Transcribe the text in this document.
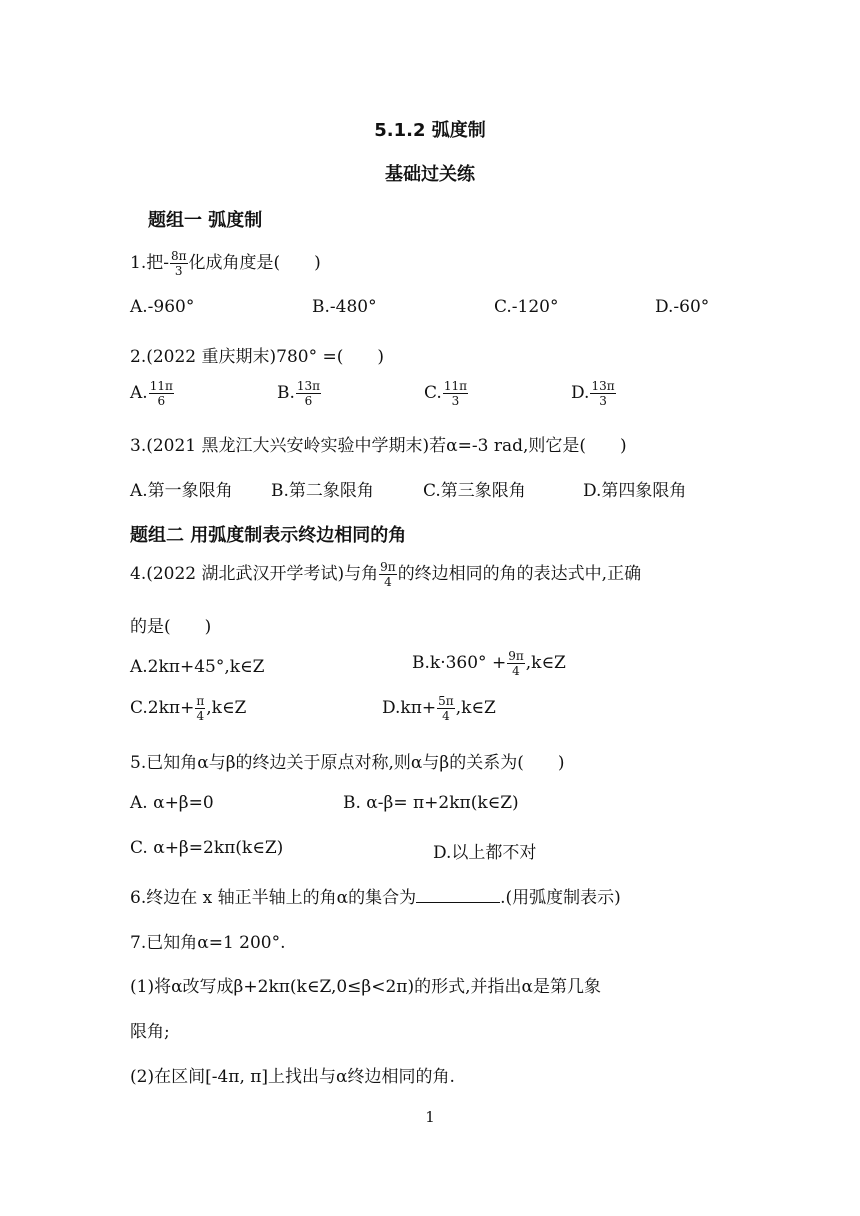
5.1.2 弧度制
基础过关练
题组一 弧度制
1.把- $\frac{8\pi}{3}$ 化成角度是(　　)
A.-960°	B.-480°	C.-120°	D.-60°
2.(2022 重庆期末)780° =(　　)
A. $\frac{11\pi}{6}$	B. $\frac{13\pi}{6}$	C. $\frac{11\pi}{3}$	D. $\frac{13\pi}{3}$
3.(2021 黑龙江大兴安岭实验中学期末)若α=-3 rad,则它是(　　)
A.第一象限角 B.第二象限角	C.第三象限角	D.第四象限角
题组二 用弧度制表示终边相同的角
4.(2022 湖北武汉开学考试)与角 $\frac{9\pi}{4}$ 的终边相同的角的表达式中,正确
的是(　　)
A.2kπ+45°,k∈Z	$B.k\cdot 360^\circ + \frac{9\pi}{4}$ ,k∈Z
$C.2k\pi+ \frac{\pi}{4}$ ,k∈Z	$D.k\pi+ \frac{5\pi}{4}$ ,k∈Z
5.已知角α与β的终边关于原点对称,则α与β的关系为(　　)
A. α+β=0	B. α-β= π+2kπ(k∈Z)
C. α+β=2kπ(k∈Z)	D.以上都不对
6.终边在 x 轴正半轴上的角α的集合为	.(用弧度制表示)
7.已知角α=1 200°.
(1)将α改写成β+2kπ(k∈Z,0≤β<2π)的形式,并指出α是第几象
限角;
(2)在区间[-4π, π]上找出与α终边相同的角.
1
